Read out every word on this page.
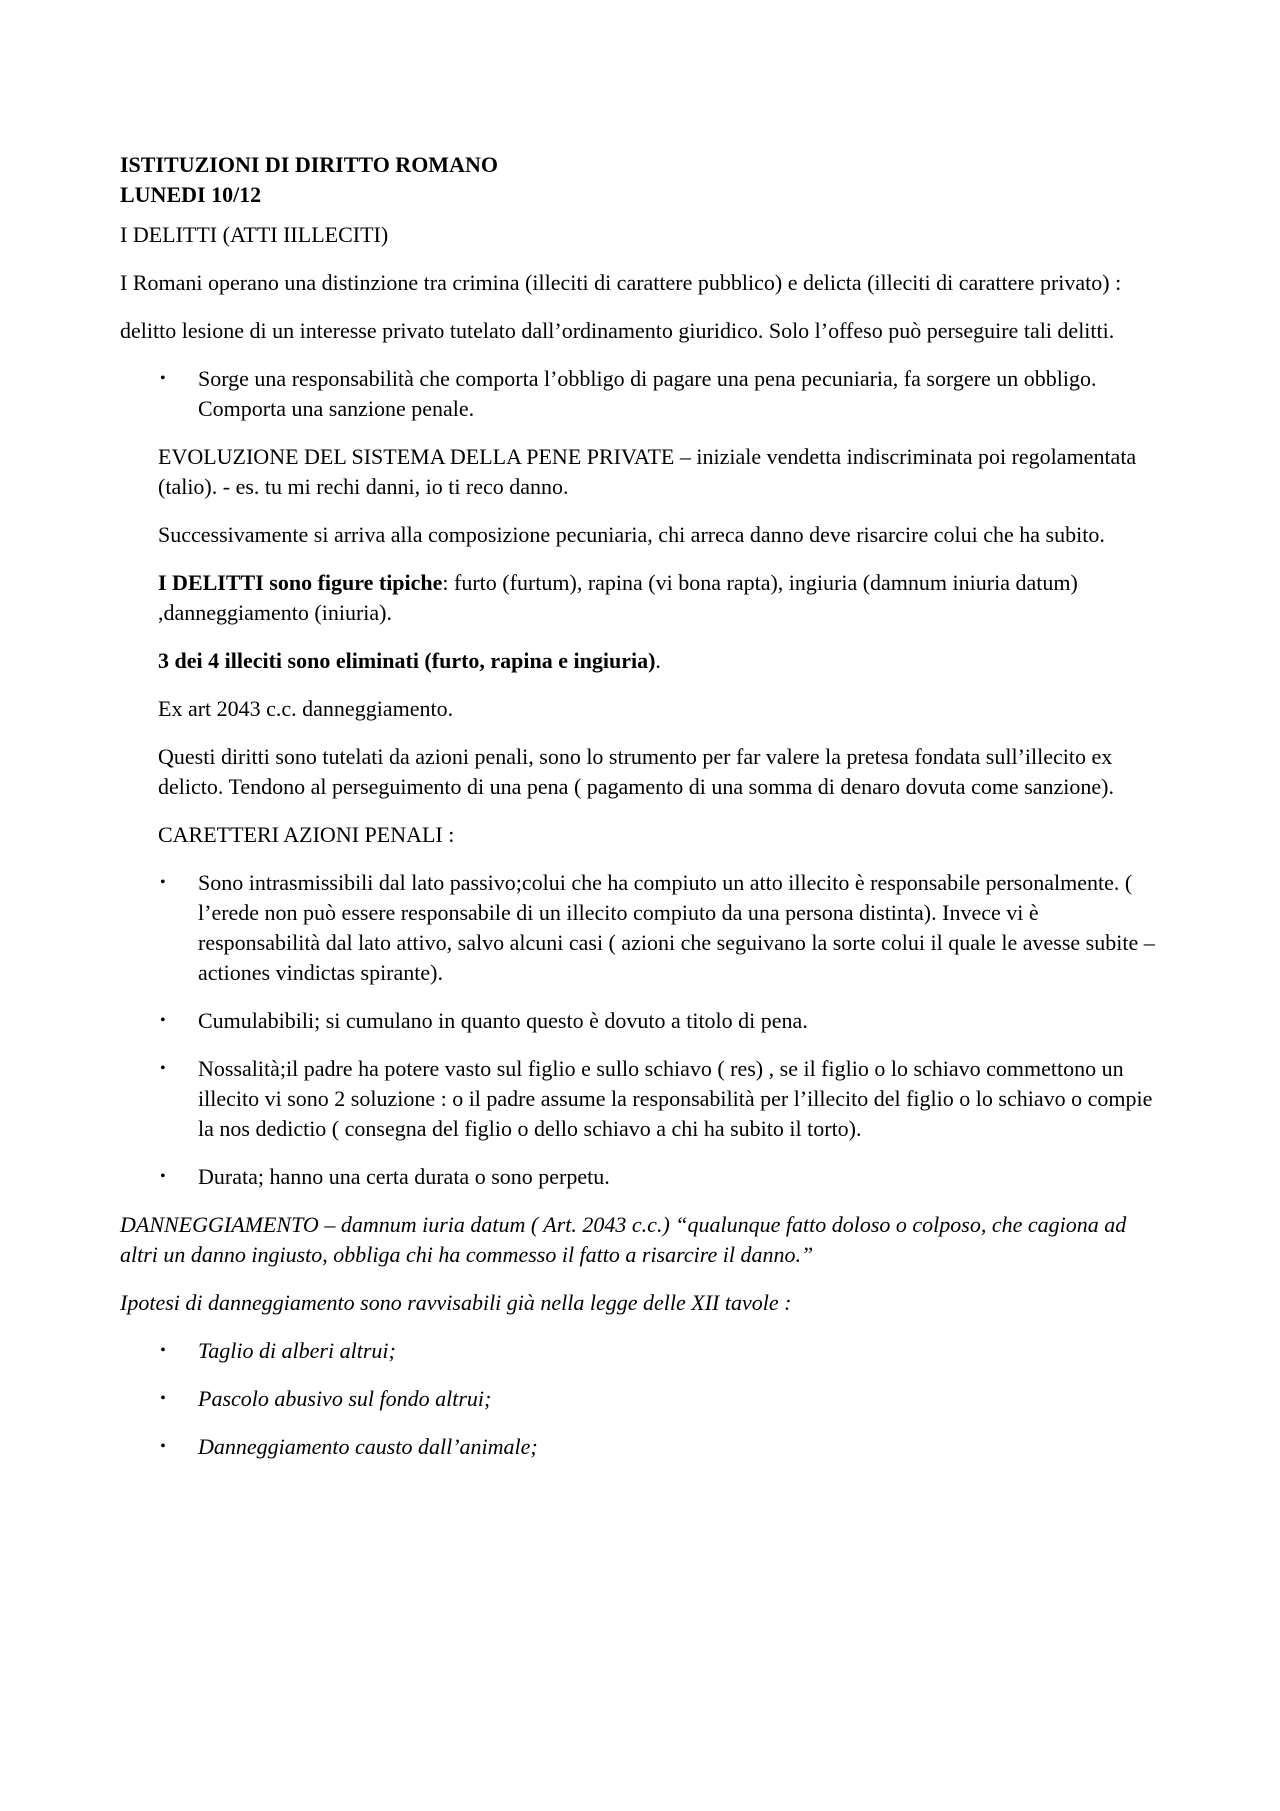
ISTITUZIONI DI DIRITTO ROMANO

LUNEDI 10/12

I DELITTI (ATTI IILLECITI)

I Romani operano una distinzione tra crimina (illeciti di carattere pubblico) e delicta (illeciti di carattere privato) :

delitto lesione di un interesse privato tutelato dall’ordinamento giuridico. Solo l’offeso può perseguire tali delitti.

• Sorge una responsabilità che comporta l’obbligo di pagare una pena pecuniaria, fa sorgere un obbligo. Comporta una sanzione penale.

EVOLUZIONE DEL SISTEMA DELLA PENE PRIVATE – iniziale vendetta indiscriminata poi regolamentata (talio). - es. tu mi rechi danni, io ti reco danno.

Successivamente si arriva alla composizione pecuniaria, chi arreca danno deve risarcire colui che ha subito.

I DELITTI sono figure tipiche: furto (furtum), rapina (vi bona rapta), ingiuria (damnum iniuria datum) ,danneggiamento (iniuria).

3 dei 4 illeciti sono eliminati (furto, rapina e ingiuria).

Ex art 2043 c.c. danneggiamento.

Questi diritti sono tutelati da azioni penali, sono lo strumento per far valere la pretesa fondata sull’illecito ex delicto. Tendono al perseguimento di una pena ( pagamento di una somma di denaro dovuta come sanzione).

CARETTERI AZIONI PENALI :

• Sono intrasmissibili dal lato passivo;colui che ha compiuto un atto illecito è responsabile personalmente. ( l’erede non può essere responsabile di un illecito compiuto da una persona distinta). Invece vi è responsabilità dal lato attivo, salvo alcuni casi ( azioni che seguivano la sorte colui il quale le avesse subite – actiones vindictas spirante).
• Cumulabibili; si cumulano in quanto questo è dovuto a titolo di pena.
• Nossalità;il padre ha potere vasto sul figlio e sullo schiavo ( res) , se il figlio o lo schiavo commettono un illecito vi sono 2 soluzione : o il padre assume la responsabilità per l’illecito del figlio o lo schiavo o compie la nos dedictio ( consegna del figlio o dello schiavo a chi ha subito il torto).
• Durata; hanno una certa durata o sono perpetu.

DANNEGGIAMENTO – damnum iuria datum ( Art. 2043 c.c.) “qualunque fatto doloso o colposo, che cagiona ad altri un danno ingiusto, obbliga chi ha commesso il fatto a risarcire il danno.”

Ipotesi di danneggiamento sono ravvisabili già nella legge delle XII tavole :

• Taglio di alberi altrui;
• Pascolo abusivo sul fondo altrui;
• Danneggiamento causto dall’animale;
